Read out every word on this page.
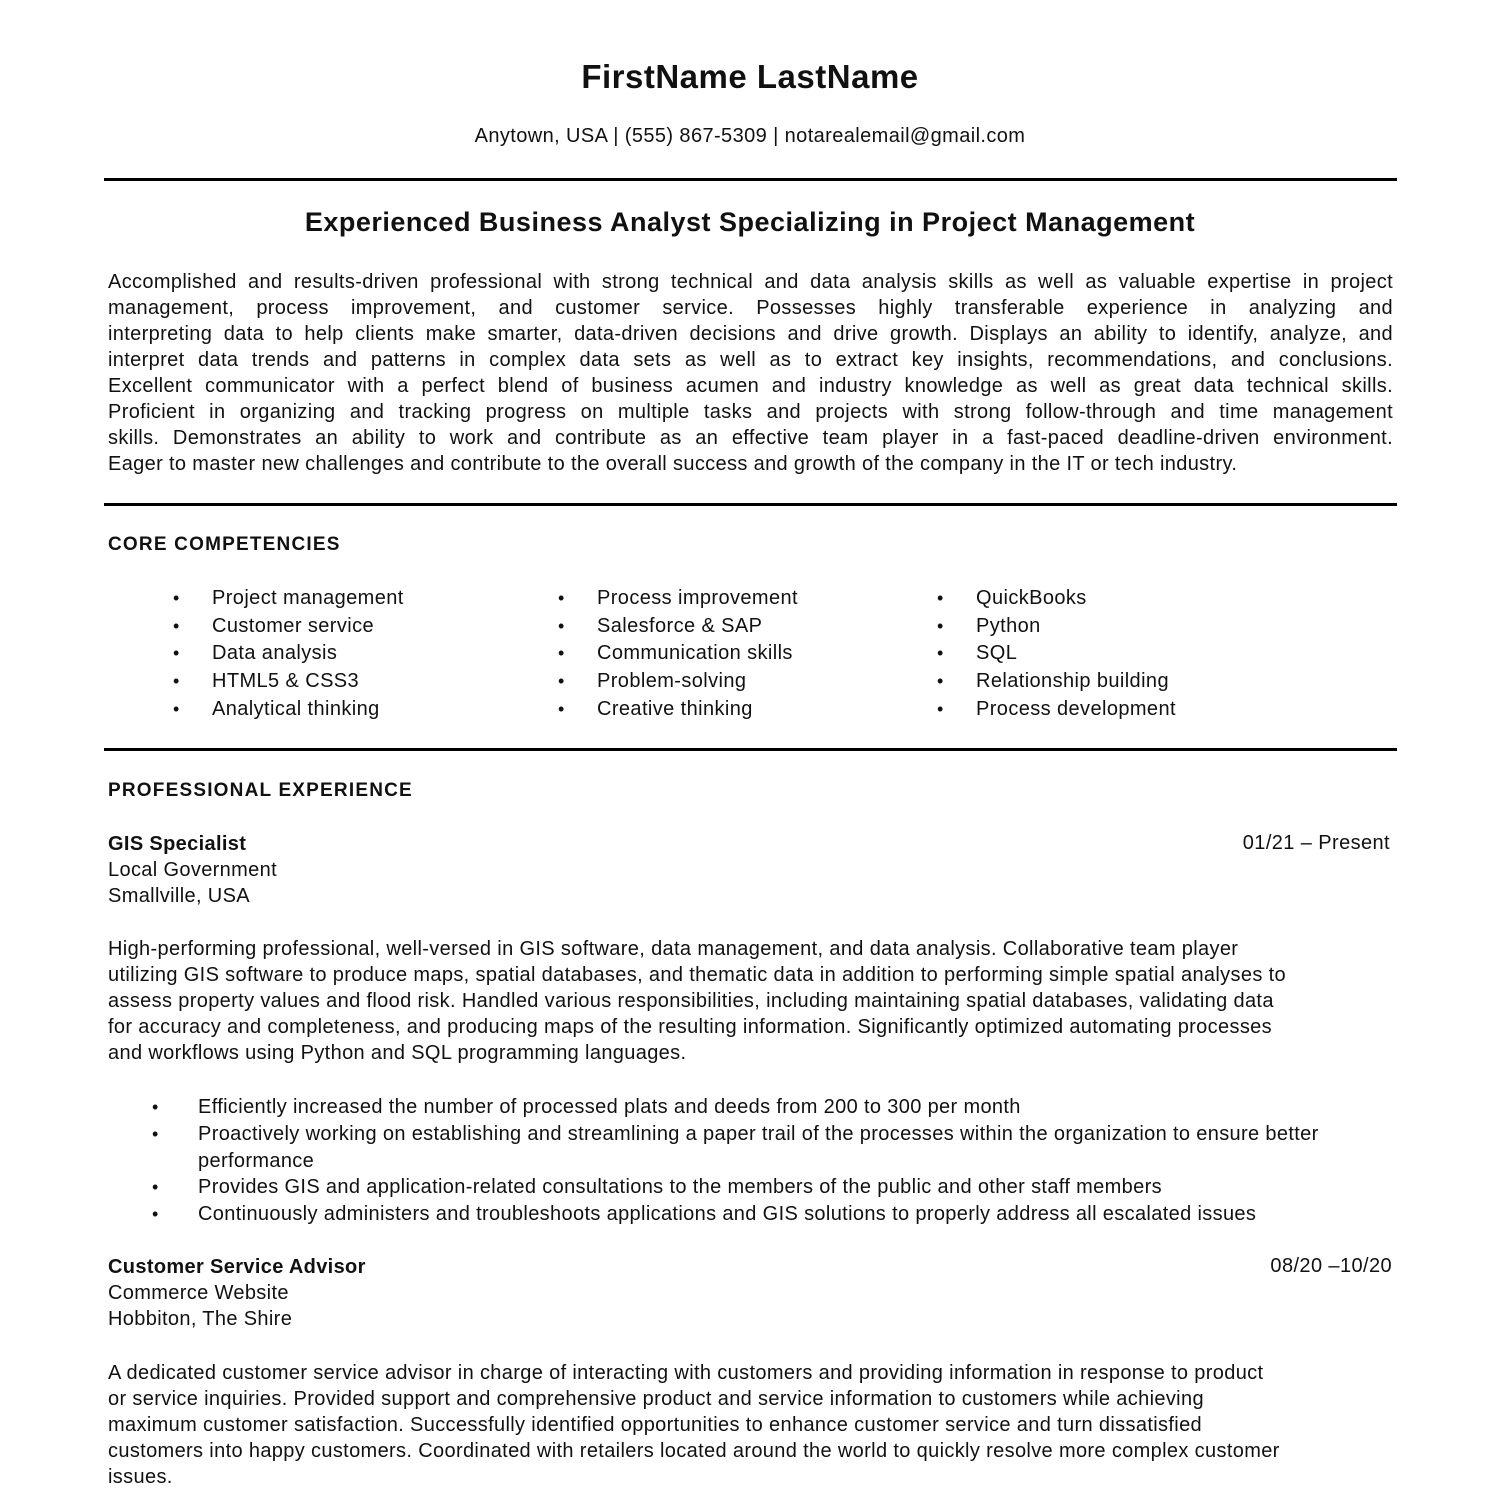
FirstName LastName
Anytown, USA | (555) 867-5309 | notarealemail@gmail.com
Experienced Business Analyst Specializing in Project Management
Accomplished and results-driven professional with strong technical and data analysis skills as well as valuable expertise in project
management, process improvement, and customer service. Possesses highly transferable experience in analyzing and
interpreting data to help clients make smarter, data-driven decisions and drive growth. Displays an ability to identify, analyze, and
interpret data trends and patterns in complex data sets as well as to extract key insights, recommendations, and conclusions.
Excellent communicator with a perfect blend of business acumen and industry knowledge as well as great data technical skills.
Proficient in organizing and tracking progress on multiple tasks and projects with strong follow-through and time management
skills. Demonstrates an ability to work and contribute as an effective team player in a fast-paced deadline-driven environment.
Eager to master new challenges and contribute to the overall success and growth of the company in the IT or tech industry.
CORE COMPETENCIES
• Project management
• Customer service
• Data analysis
• HTML5 & CSS3
• Analytical thinking
• Process improvement
• Salesforce & SAP
• Communication skills
• Problem-solving
• Creative thinking
• QuickBooks
• Python
• SQL
• Relationship building
• Process development
PROFESSIONAL EXPERIENCE
GIS Specialist
Local Government
Smallville, USA
01/21 – Present
High-performing professional, well-versed in GIS software, data management, and data analysis. Collaborative team player
utilizing GIS software to produce maps, spatial databases, and thematic data in addition to performing simple spatial analyses to
assess property values and flood risk. Handled various responsibilities, including maintaining spatial databases, validating data
for accuracy and completeness, and producing maps of the resulting information. Significantly optimized automating processes
and workflows using Python and SQL programming languages.
• Efficiently increased the number of processed plats and deeds from 200 to 300 per month
• Proactively working on establishing and streamlining a paper trail of the processes within the organization to ensure better performance
• Provides GIS and application-related consultations to the members of the public and other staff members
• Continuously administers and troubleshoots applications and GIS solutions to properly address all escalated issues
Customer Service Advisor
Commerce Website
Hobbiton, The Shire
08/20 –10/20
A dedicated customer service advisor in charge of interacting with customers and providing information in response to product
or service inquiries. Provided support and comprehensive product and service information to customers while achieving
maximum customer satisfaction. Successfully identified opportunities to enhance customer service and turn dissatisfied
customers into happy customers. Coordinated with retailers located around the world to quickly resolve more complex customer
issues.
